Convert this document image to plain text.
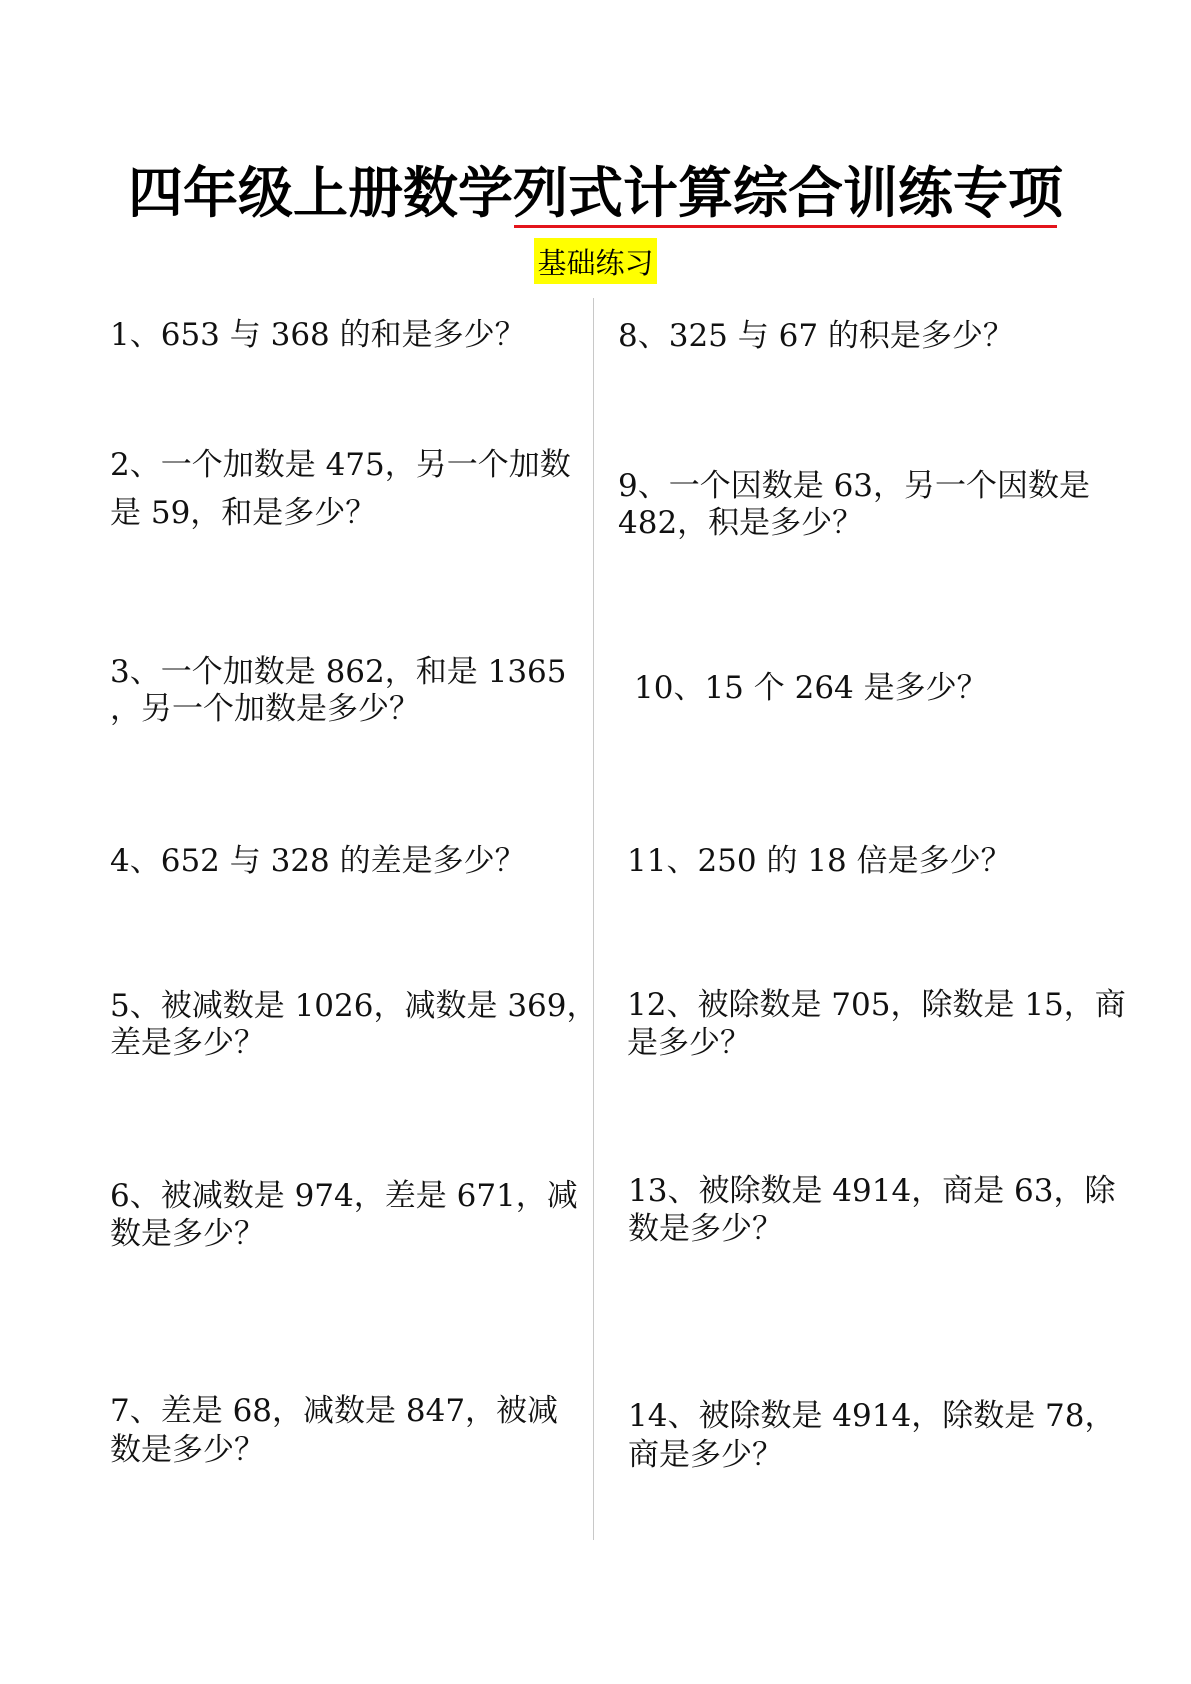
四年级上册数学列式计算综合训练专项
基础练习
1、653 与 368 的和是多少？
2、一个加数是 475，另一个加数
是 59，和是多少？
3、一个加数是 862，和是 1365
，另一个加数是多少？
4、652 与 328 的差是多少？
5、被减数是 1026，减数是 369，
差是多少？
6、被减数是 974，差是 671，减
数是多少？
7、差是 68，减数是 847，被减
数是多少？
8、325 与 67 的积是多少？
9、一个因数是 63，另一个因数是
482，积是多少？
10、15 个 264 是多少？
11、250 的 18 倍是多少？
12、被除数是 705，除数是 15，商
是多少？
13、被除数是 4914，商是 63，除
数是多少？
14、被除数是 4914，除数是 78，
商是多少？
